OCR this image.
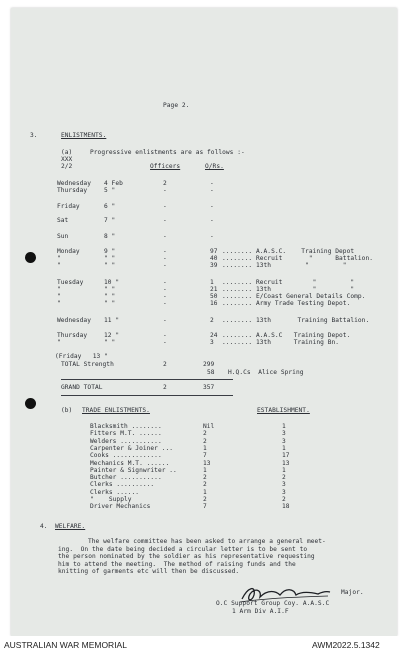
Page 2.
3.	ENLISTMENTS.
(a)	Progressive enlistments are as follows :-
XXX
2/2	Officers	O/Rs.
Wednesday 4 Feb	2	-
Thursday	5 "	-	-
Friday	6 "	-	-
Sat	7 "	-	-
Sun	8 "	-	-
Monday	9 "	-	97 ........ A.A.S.C.    Training Depot
"	" "	-	40 ........ Recruit       "      Battalion.
"	" "	-	39 ........ 13th         "         "
Tuesday	10 "	-	1 ........ Recruit        "         "
"	" "	-	21 ........ 13th           "         "
"	" "	-	50 ........ E/Coast General Details Comp.
"	" "	-	16 ........ Army Trade Testing Depot.
Wednesday 11 "	-	2 ........ 13th       Training Battalion.
Thursday	12 "	-	24 ........ A.A.S.C   Training Depot.
"	" "	-	3 ........ 13th      Training Bn.
(Friday   13 "
TOTAL Strength	2	299
58 H.Q.Cs  Alice Spring
GRAND TOTAL	2	357
(b) TRADE ENLISTMENTS.	ESTABLISHMENT.
Blacksmith ........	Nil	1
Fitters M.T. ......	2	3
Welders ...........	2	3
Carpenter & Joiner ...	1	1
Cooks .............	7	17
Mechanics M.T. ......	13	13
Painter & Signwriter ..	1	1
Butcher ...........	2	2
Clerks ..........	2	3
Clerks ......	1	3
"    Supply	2	2
Driver Mechanics	7	18
4. WELFARE.
The welfare committee has been asked to arrange a general meet-
ing.  On the date being decided a circular letter is to be sent to
the person nominated by the soldier as his representative requesting
him to attend the meeting.  The method of raising funds and the
knitting of garments etc will then be discussed.
Major.
O.C Support Group Coy. A.A.S.C
1 Arm Div A.I.F
AUSTRALIAN WAR MEMORIAL	AWM2022.5.1342
